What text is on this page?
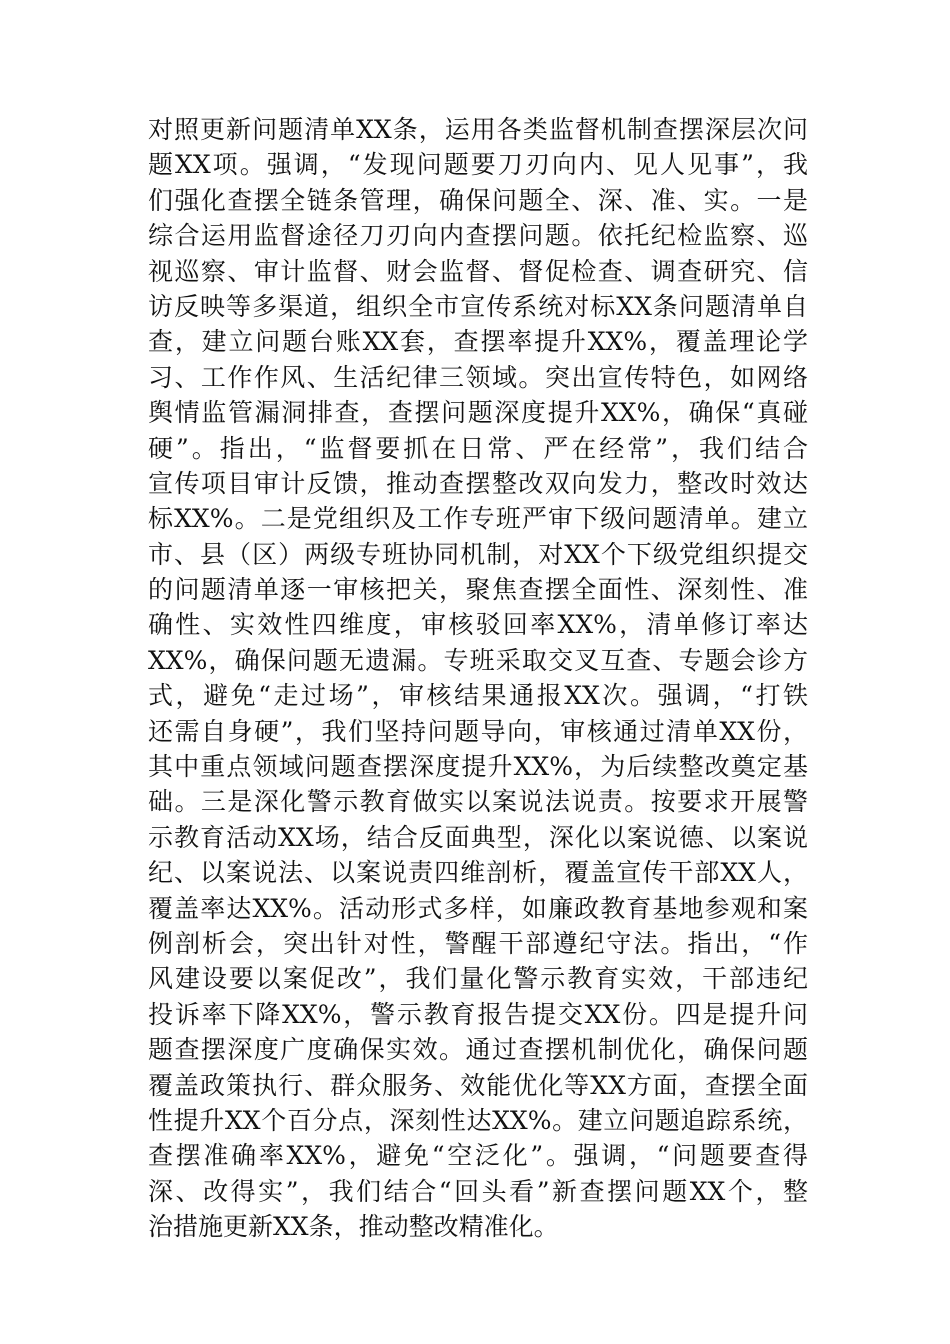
对照更新问题清单XX条，运用各类监督机制查摆深层次问
题XX项。强调，“发现问题要刀刃向内、见人见事”，我
们强化查摆全链条管理，确保问题全、深、准、实。一是
综合运用监督途径刀刃向内查摆问题。依托纪检监察、巡
视巡察、审计监督、财会监督、督促检查、调查研究、信
访反映等多渠道，组织全市宣传系统对标XX条问题清单自
查，建立问题台账XX套，查摆率提升XX%，覆盖理论学
习、工作作风、生活纪律三领域。突出宣传特色，如网络
舆情监管漏洞排查，查摆问题深度提升XX%，确保“真碰
硬”。指出，“监督要抓在日常、严在经常”，我们结合
宣传项目审计反馈，推动查摆整改双向发力，整改时效达
标XX%。二是党组织及工作专班严审下级问题清单。建立
市、县（区）两级专班协同机制，对XX个下级党组织提交
的问题清单逐一审核把关，聚焦查摆全面性、深刻性、准
确性、实效性四维度，审核驳回率XX%，清单修订率达
XX%，确保问题无遗漏。专班采取交叉互查、专题会诊方
式，避免“走过场”，审核结果通报XX次。强调，“打铁
还需自身硬”，我们坚持问题导向，审核通过清单XX份，
其中重点领域问题查摆深度提升XX%，为后续整改奠定基
础。三是深化警示教育做实以案说法说责。按要求开展警
示教育活动XX场，结合反面典型，深化以案说德、以案说
纪、以案说法、以案说责四维剖析，覆盖宣传干部XX人，
覆盖率达XX%。活动形式多样，如廉政教育基地参观和案
例剖析会，突出针对性，警醒干部遵纪守法。指出，“作
风建设要以案促改”，我们量化警示教育实效，干部违纪
投诉率下降XX%，警示教育报告提交XX份。四是提升问
题查摆深度广度确保实效。通过查摆机制优化，确保问题
覆盖政策执行、群众服务、效能优化等XX方面，查摆全面
性提升XX个百分点，深刻性达XX%。建立问题追踪系统，
查摆准确率XX%，避免“空泛化”。强调，“问题要查得
深、改得实”，我们结合“回头看”新查摆问题XX个，整
治措施更新XX条，推动整改精准化。
